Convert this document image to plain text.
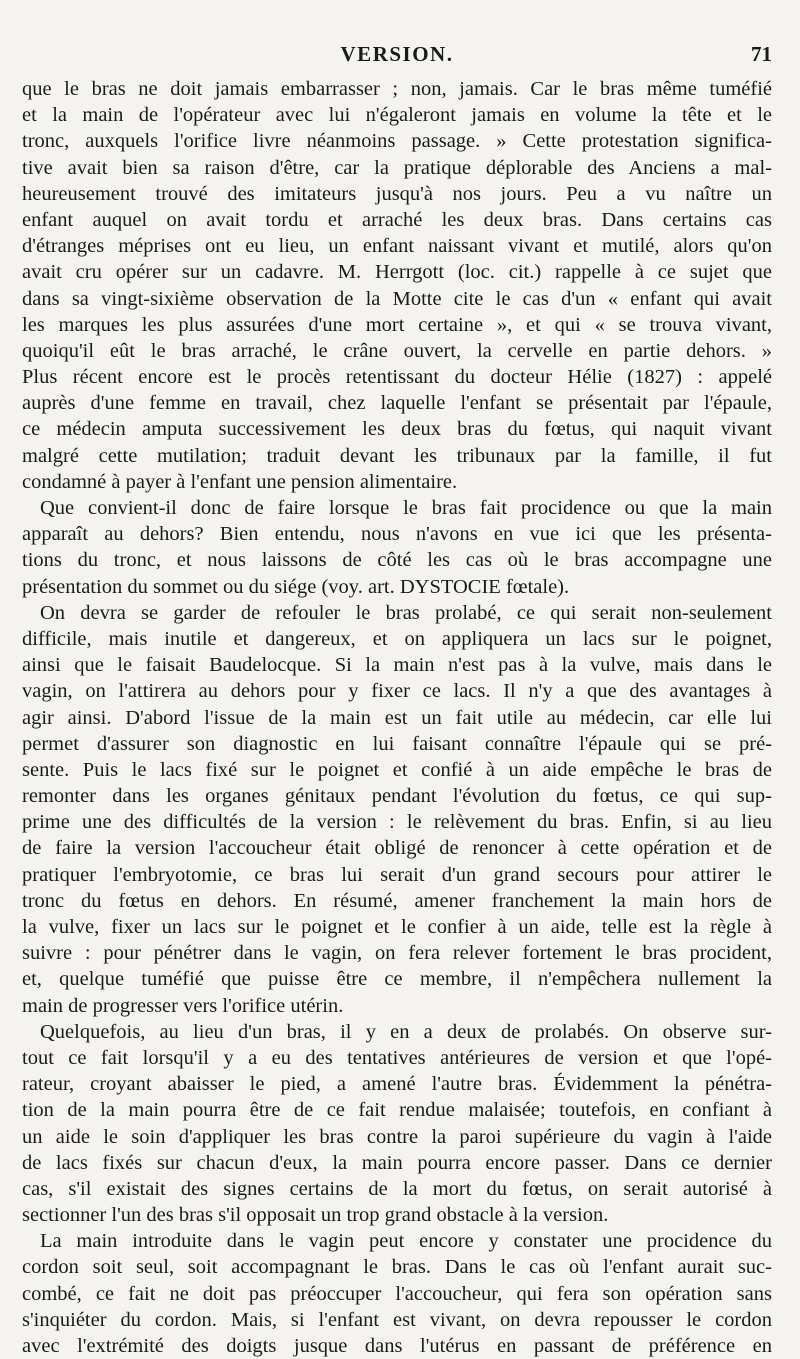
VERSION.	71

que le bras ne doit jamais embarrasser ; non, jamais. Car le bras même tuméfié
et la main de l'opérateur avec lui n'égaleront jamais en volume la tête et le
tronc, auxquels l'orifice livre néanmoins passage. » Cette protestation significa-
tive avait bien sa raison d'être, car la pratique déplorable des Anciens a mal-
heureusement trouvé des imitateurs jusqu'à nos jours. Peu a vu naître un
enfant auquel on avait tordu et arraché les deux bras. Dans certains cas
d'étranges méprises ont eu lieu, un enfant naissant vivant et mutilé, alors qu'on
avait cru opérer sur un cadavre. M. Herrgott (loc. cit.) rappelle à ce sujet que
dans sa vingt-sixième observation de la Motte cite le cas d'un « enfant qui avait
les marques les plus assurées d'une mort certaine », et qui « se trouva vivant,
quoiqu'il eût le bras arraché, le crâne ouvert, la cervelle en partie dehors. »
Plus récent encore est le procès retentissant du docteur Hélie (1827) : appelé
auprès d'une femme en travail, chez laquelle l'enfant se présentait par l'épaule,
ce médecin amputa successivement les deux bras du fœtus, qui naquit vivant
malgré cette mutilation; traduit devant les tribunaux par la famille, il fut
condamné à payer à l'enfant une pension alimentaire.

Que convient-il donc de faire lorsque le bras fait procidence ou que la main
apparaît au dehors? Bien entendu, nous n'avons en vue ici que les présenta-
tions du tronc, et nous laissons de côté les cas où le bras accompagne une
présentation du sommet ou du siége (voy. art. DYSTOCIE fœtale).

On devra se garder de refouler le bras prolabé, ce qui serait non-seulement
difficile, mais inutile et dangereux, et on appliquera un lacs sur le poignet,
ainsi que le faisait Baudelocque. Si la main n'est pas à la vulve, mais dans le
vagin, on l'attirera au dehors pour y fixer ce lacs. Il n'y a que des avantages à
agir ainsi. D'abord l'issue de la main est un fait utile au médecin, car elle lui
permet d'assurer son diagnostic en lui faisant connaître l'épaule qui se pré-
sente. Puis le lacs fixé sur le poignet et confié à un aide empêche le bras de
remonter dans les organes génitaux pendant l'évolution du fœtus, ce qui sup-
prime une des difficultés de la version : le relèvement du bras. Enfin, si au lieu
de faire la version l'accoucheur était obligé de renoncer à cette opération et de
pratiquer l'embryotomie, ce bras lui serait d'un grand secours pour attirer le
tronc du fœtus en dehors. En résumé, amener franchement la main hors de
la vulve, fixer un lacs sur le poignet et le confier à un aide, telle est la règle à
suivre : pour pénétrer dans le vagin, on fera relever fortement le bras procident,
et, quelque tuméfié que puisse être ce membre, il n'empêchera nullement la
main de progresser vers l'orifice utérin.

Quelquefois, au lieu d'un bras, il y en a deux de prolabés. On observe sur-
tout ce fait lorsqu'il y a eu des tentatives antérieures de version et que l'opé-
rateur, croyant abaisser le pied, a amené l'autre bras. Évidemment la pénétra-
tion de la main pourra être de ce fait rendue malaisée; toutefois, en confiant à
un aide le soin d'appliquer les bras contre la paroi supérieure du vagin à l'aide
de lacs fixés sur chacun d'eux, la main pourra encore passer. Dans ce dernier
cas, s'il existait des signes certains de la mort du fœtus, on serait autorisé à
sectionner l'un des bras s'il opposait un trop grand obstacle à la version.

La main introduite dans le vagin peut encore y constater une procidence du
cordon soit seul, soit accompagnant le bras. Dans le cas où l'enfant aurait suc-
combé, ce fait ne doit pas préoccuper l'accoucheur, qui fera son opération sans
s'inquiéter du cordon. Mais, si l'enfant est vivant, on devra repousser le cordon
avec l'extrémité des doigts jusque dans l'utérus en passant de préférence en
